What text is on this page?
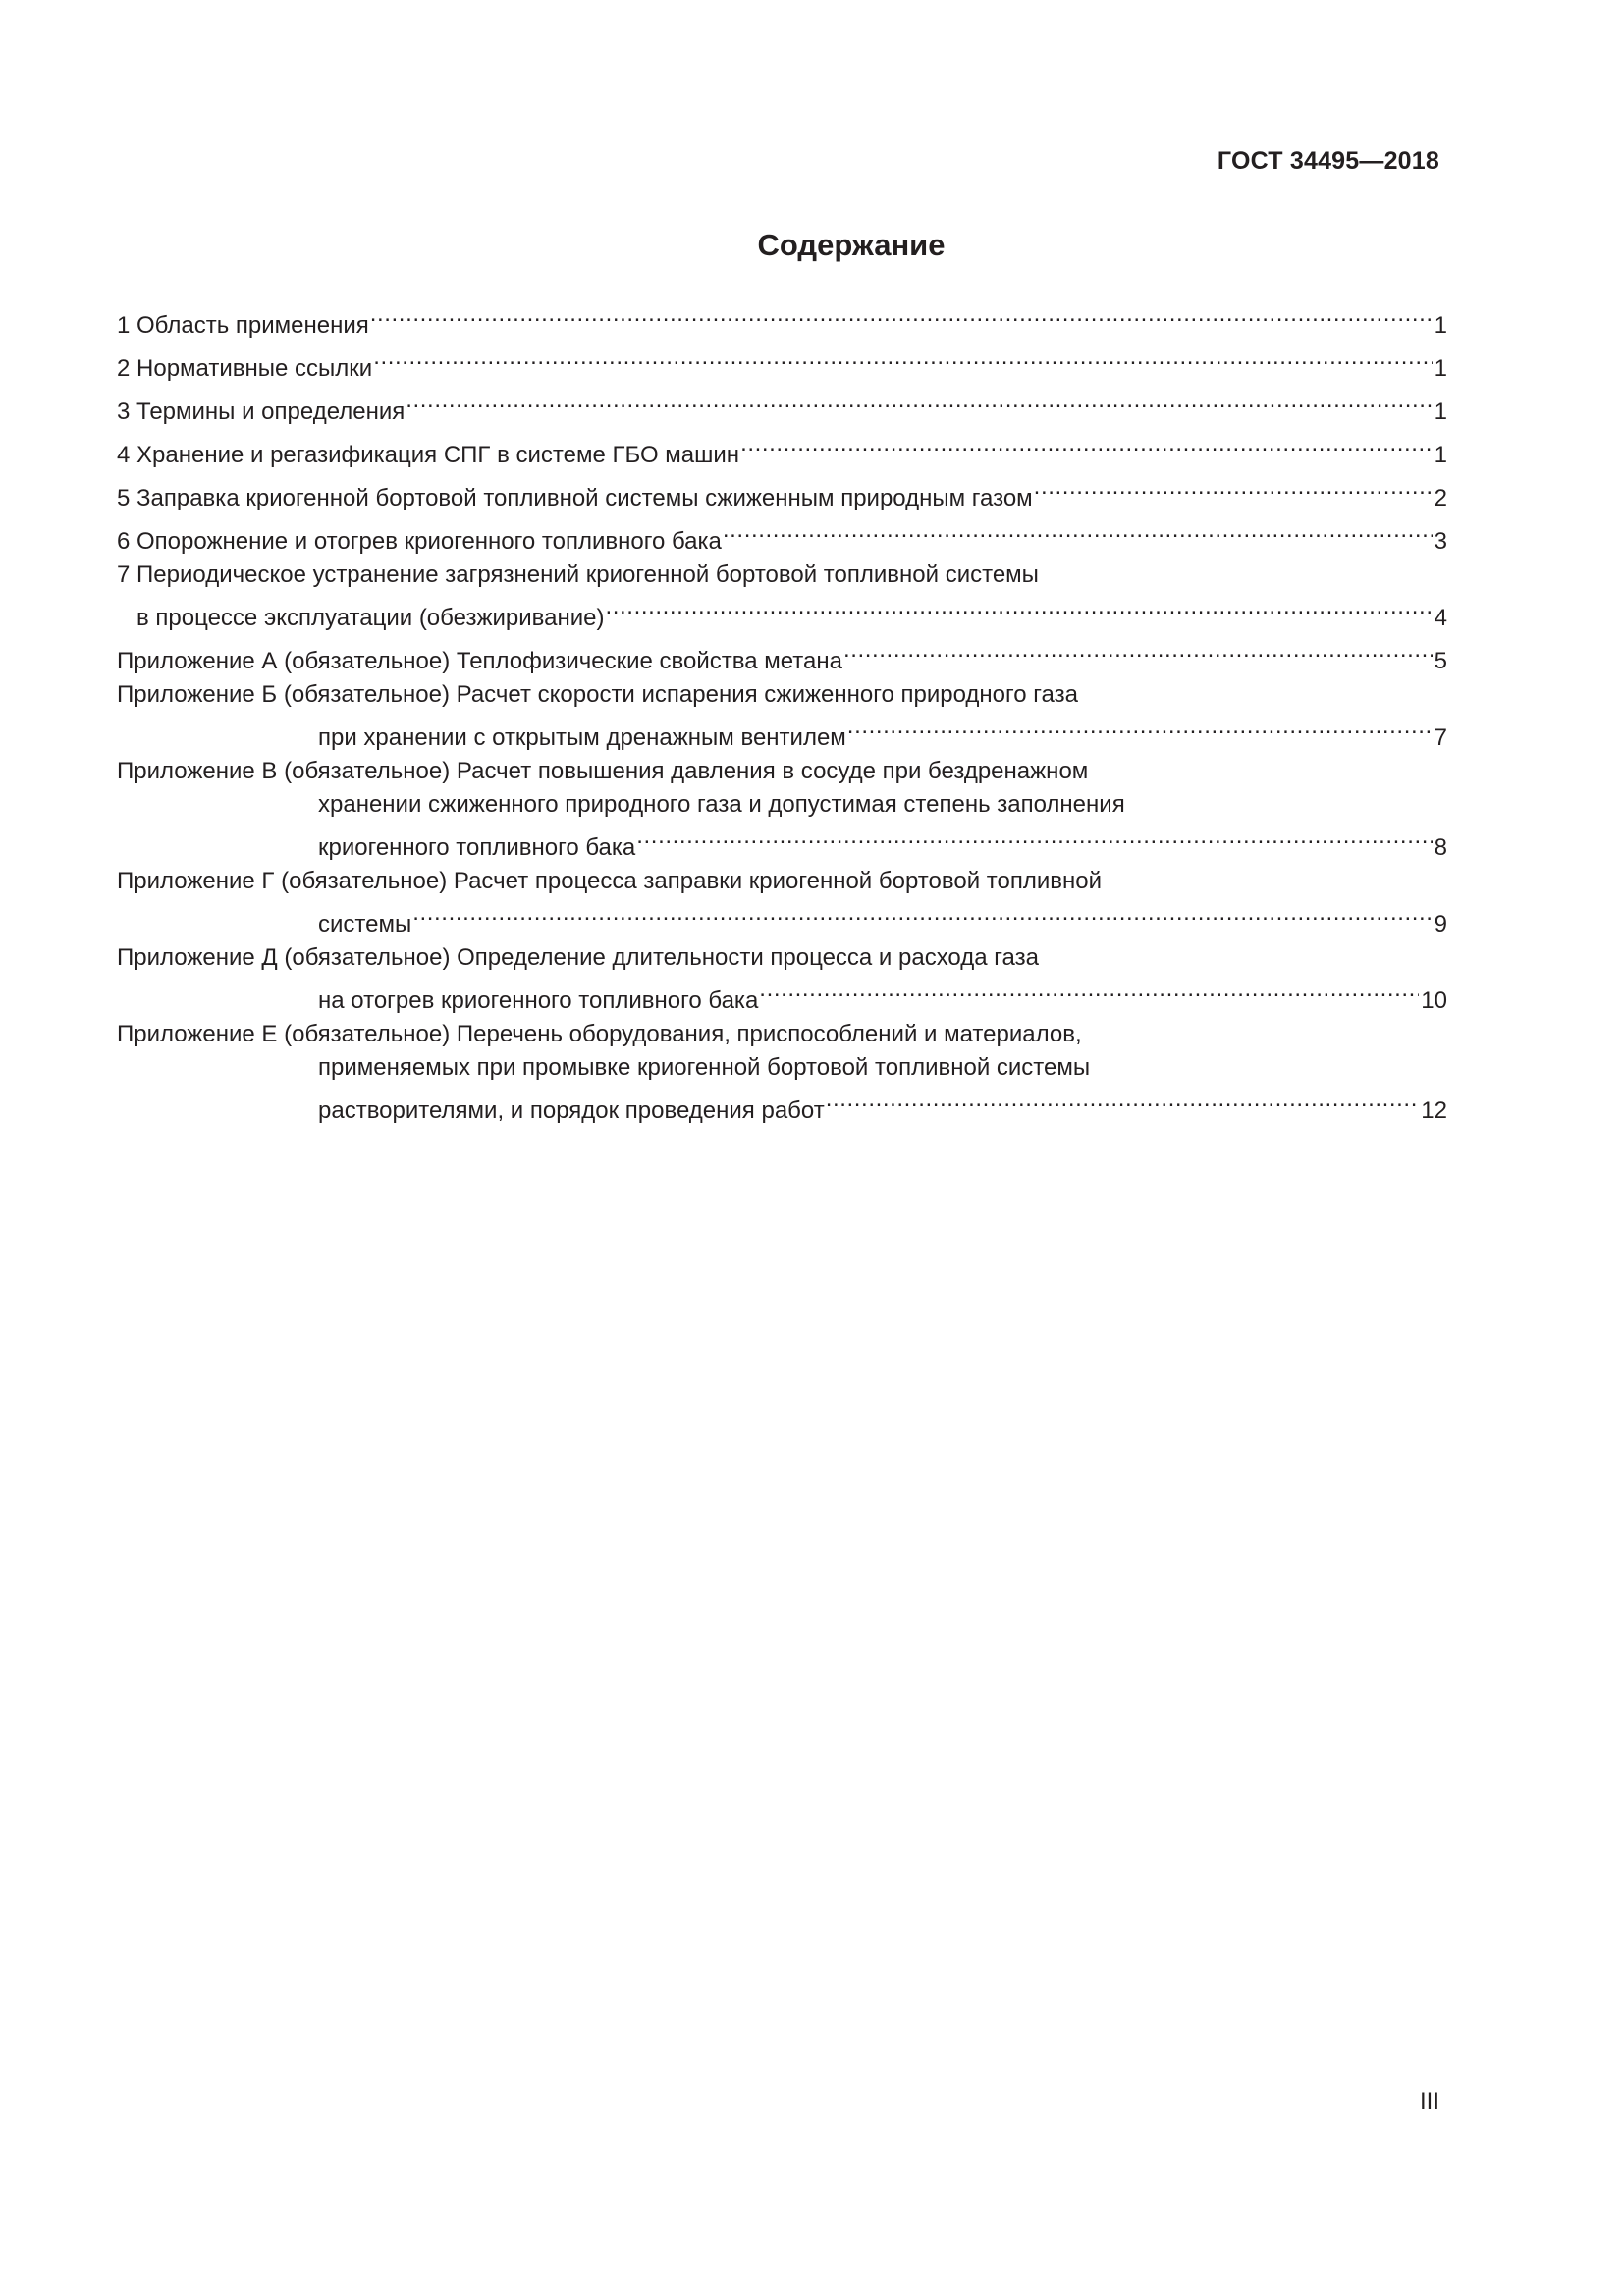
ГОСТ 34495—2018
Содержание
1 Область применения .....	1
2 Нормативные ссылки .....	1
3 Термины и определения .....	1
4 Хранение и регазификация СПГ в системе ГБО машин .....	1
5 Заправка криогенной бортовой топливной системы сжиженным природным газом .....	2
6 Опорожнение и отогрев криогенного топливного бака .....	3
7 Периодическое устранение загрязнений криогенной бортовой топливной системы
в процессе эксплуатации (обезжиривание) .....	4
Приложение А (обязательное) Теплофизические свойства метана .....	5
Приложение Б (обязательное) Расчет скорости испарения сжиженного природного газа
при хранении с открытым дренажным вентилем .....	7
Приложение В (обязательное) Расчет повышения давления в сосуде при бездренажном
хранении сжиженного природного газа и допустимая степень заполнения
криогенного топливного бака .....	8
Приложение Г (обязательное) Расчет процесса заправки криогенной бортовой топливной
системы .....	9
Приложение Д (обязательное) Определение длительности процесса и расхода газа
на отогрев криогенного топливного бака .....	10
Приложение Е (обязательное) Перечень оборудования, приспособлений и материалов,
применяемых при промывке криогенной бортовой топливной системы
растворителями, и порядок проведения работ .....	12
III
